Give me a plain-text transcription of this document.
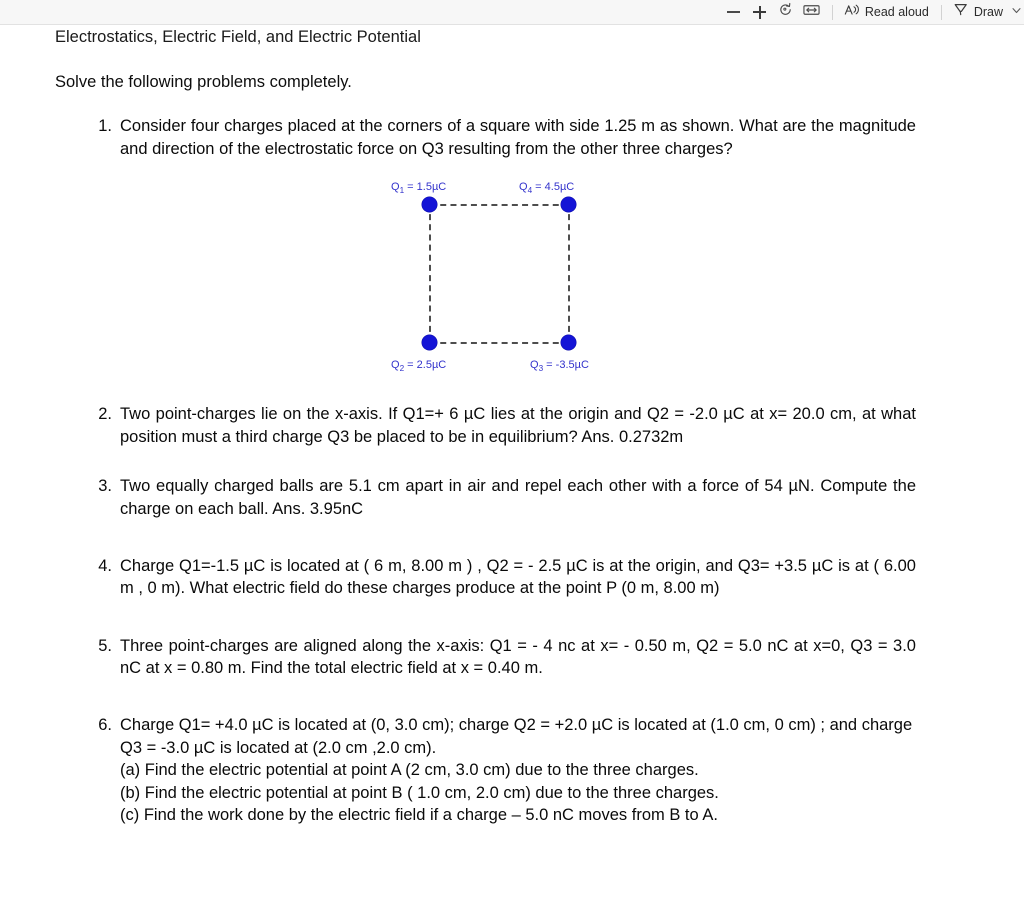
Read aloud	Draw
Electrostatics, Electric Field, and Electric Potential
Solve the following problems completely.
Consider four charges placed at the corners of a square with side 1.25 m as shown. What are the magnitude and direction of the electrostatic force on Q3 resulting from the other three charges?
$Q_1 = 1.5\mu C$	$Q_4 = 4.5\mu C$
$Q_2 = 2.5\mu C$	$Q_3 = -3.5\mu C$
Two point-charges lie on the x-axis. If Q1=+ 6 µC lies at the origin and Q2 = -2.0 µC at x= 20.0 cm, at what position must a third charge Q3 be placed to be in equilibrium? Ans. 0.2732m
Two equally charged balls are 5.1 cm apart in air and repel each other with a force of 54 µN. Compute the charge on each ball. Ans. 3.95nC
Charge Q1=-1.5 µC is located at ( 6 m, 8.00 m ) , Q2 = - 2.5 µC is at the origin, and Q3= +3.5 µC is at ( 6.00 m , 0 m). What electric field do these charges produce at the point P (0 m, 8.00 m)
Three point-charges are aligned along the x-axis: Q1 = - 4 nc at x= - 0.50 m, Q2 = 5.0 nC at x=0, Q3 = 3.0 nC at x = 0.80 m. Find the total electric field at x = 0.40 m.
Charge Q1= +4.0 µC is located at (0, 3.0 cm); charge Q2 = +2.0 µC is located at (1.0 cm, 0 cm) ; and charge Q3 = -3.0 µC is located at (2.0 cm ,2.0 cm).
(a) Find the electric potential at point A (2 cm, 3.0 cm) due to the three charges.
(b) Find the electric potential at point B ( 1.0 cm, 2.0 cm) due to the three charges.
(c) Find the work done by the electric field if a charge – 5.0 nC moves from B to A.
